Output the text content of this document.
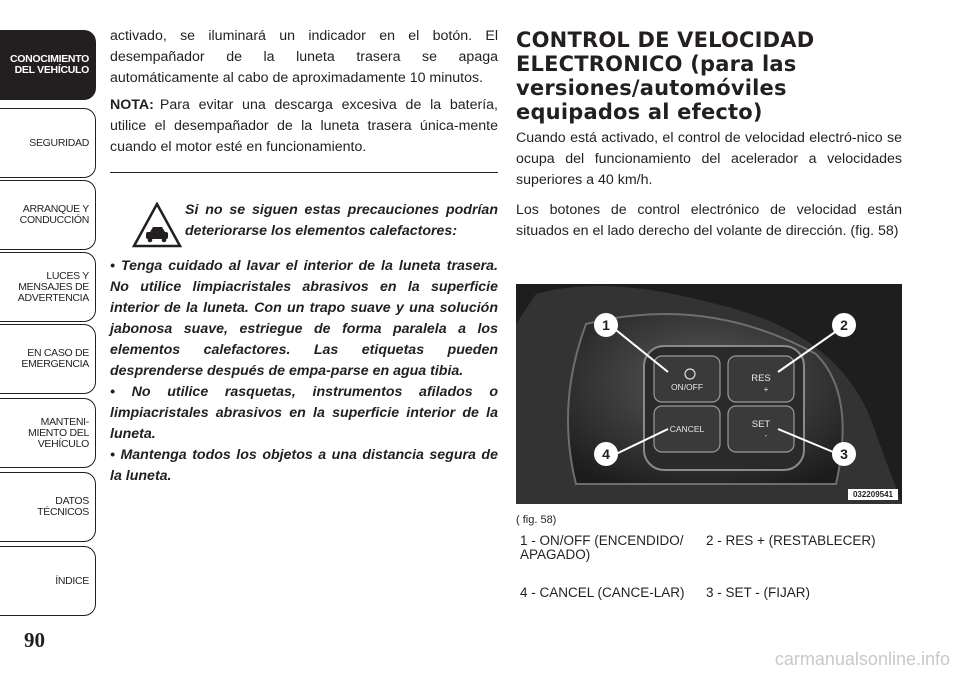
CONOCIMIENTO
DEL VEHÍCULO
SEGURIDAD
ARRANQUE Y
CONDUCCIÓN
LUCES Y
MENSAJES DE
ADVERTENCIA
EN CASO DE
EMERGENCIA
MANTENI-
MIENTO DEL
VEHÍCULO
DATOS
TÉCNICOS
ÍNDICE
90

activado, se iluminará un indicador en el botón. El desempañador de la luneta trasera se apaga automáticamente al cabo de aproximadamente 10 minutos.

NOTA: Para evitar una descarga excesiva de la batería, utilice el desempañador de la luneta trasera única-mente cuando el motor esté en funcionamiento.

Si no se siguen estas precauciones podrían deteriorarse los elementos calefactores:

• Tenga cuidado al lavar el interior de la luneta trasera. No utilice limpiacristales abrasivos en la superficie interior de la luneta. Con un trapo suave y una solución jabonosa suave, estriegue de forma paralela a los elementos calefactores. Las etiquetas pueden desprenderse después de empa-parse en agua tibia.

• No utilice rasquetas, instrumentos afilados o limpiacristales abrasivos en la superficie interior de la luneta.

• Mantenga todos los objetos a una distancia segura de la luneta.

CONTROL DE VELOCIDAD ELECTRONICO (para las versiones/automóviles equipados al efecto)

Cuando está activado, el control de velocidad electró-nico se ocupa del funcionamiento del acelerador a velocidades superiores a 40 km/h.

Los botones de control electrónico de velocidad están situados en el lado derecho del volante de dirección. (fig. 58)

ON/OFF
CANCEL
RES
+
SET
-
1	2
3
4
032209541
( fig. 58)
1 - ON/OFF (ENCENDIDO/ APAGADO)
2 - RES + (RESTABLECER)
4 - CANCEL (CANCE-LAR) 3 - SET - (FIJAR)
carmanualsonline.info
